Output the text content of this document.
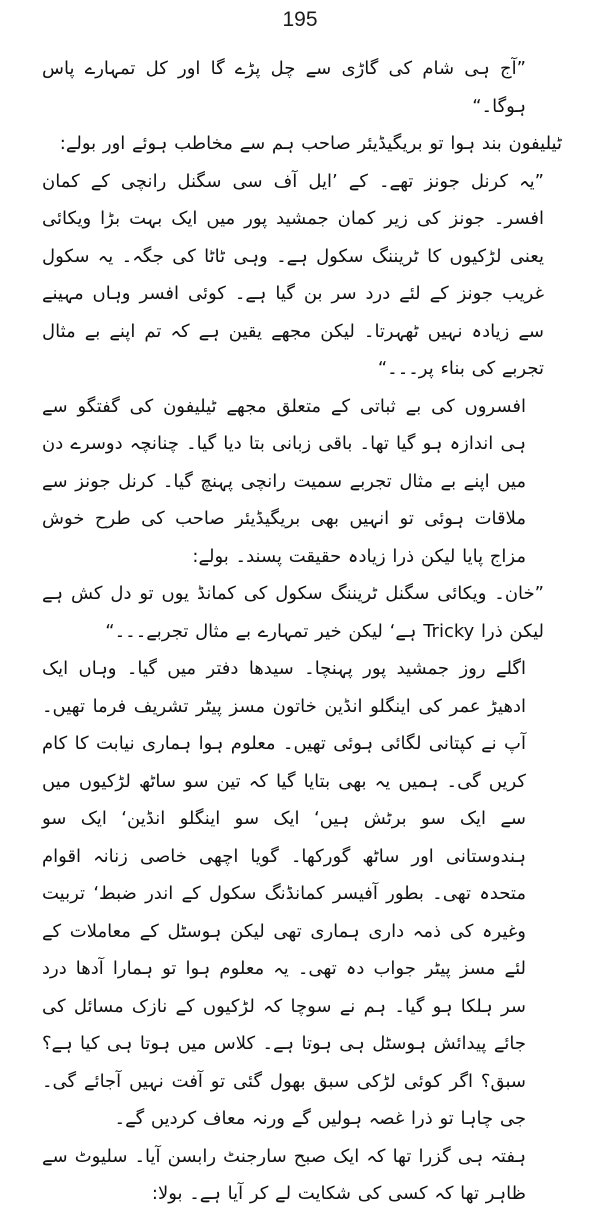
195

”آج ہی شام کی گاڑی سے چل پڑے گا اور کل تمہارے پاس ہوگا۔“

ٹیلیفون بند ہوا تو بریگیڈیئر صاحب ہم سے مخاطب ہوئے اور بولے:

”یہ کرنل جونز تھے۔ کے ’ایل آف سی سگنل رانچی کے کمان افسر۔ جونز کی زیر کمان جمشید پور میں ایک بہت بڑا ویکائی یعنی لڑکیوں کا ٹریننگ سکول ہے۔ وہی ٹاٹا کی جگہ۔ یہ سکول غریب جونز کے لئے درد سر بن گیا ہے۔ کوئی افسر وہاں مہینے سے زیادہ نہیں ٹھہرتا۔ لیکن مجھے یقین ہے کہ تم اپنے بے مثال تجربے کی بناء پر۔۔۔“

افسروں کی بے ثباتی کے متعلق مجھے ٹیلیفون کی گفتگو سے ہی اندازہ ہو گیا تھا۔ باقی زبانی بتا دیا گیا۔ چنانچہ دوسرے دن میں اپنے بے مثال تجربے سمیت رانچی پہنچ گیا۔ کرنل جونز سے ملاقات ہوئی تو انہیں بھی بریگیڈیئر صاحب کی طرح خوش مزاج پایا لیکن ذرا زیادہ حقیقت پسند۔ بولے:

”خان۔ ویکائی سگنل ٹریننگ سکول کی کمانڈ یوں تو دل کش ہے لیکن ذرا Tricky ہے‘ لیکن خیر تمہارے بے مثال تجربے۔۔۔“

اگلے روز جمشید پور پہنچا۔ سیدھا دفتر میں گیا۔ وہاں ایک ادھیڑ عمر کی اینگلو انڈین خاتون مسز پیٹر تشریف فرما تھیں۔ آپ نے کپتانی لگائی ہوئی تھیں۔ معلوم ہوا ہماری نیابت کا کام کریں گی۔ ہمیں یہ بھی بتایا گیا کہ تین سو ساٹھ لڑکیوں میں سے ایک سو برٹش ہیں‘ ایک سو اینگلو انڈین‘ ایک سو ہندوستانی اور ساٹھ گورکھا۔ گویا اچھی خاصی زنانہ اقوام متحدہ تھی۔ بطور آفیسر کمانڈنگ سکول کے اندر ضبط‘ تربیت وغیرہ کی ذمہ داری ہماری تھی لیکن ہوسٹل کے معاملات کے لئے مسز پیٹر جواب دہ تھی۔ یہ معلوم ہوا تو ہمارا آدھا درد سر ہلکا ہو گیا۔ ہم نے سوچا کہ لڑکیوں کے نازک مسائل کی جائے پیدائش ہوسٹل ہی ہوتا ہے۔ کلاس میں ہوتا ہی کیا ہے؟ سبق؟ اگر کوئی لڑکی سبق بھول گئی تو آفت نہیں آجائے گی۔ جی چاہا تو ذرا غصہ ہولیں گے ورنہ معاف کردیں گے۔

ہفتہ ہی گزرا تھا کہ ایک صبح سارجنٹ رابسن آیا۔ سلیوٹ سے ظاہر تھا کہ کسی کی شکایت لے کر آیا ہے۔ بولا:
